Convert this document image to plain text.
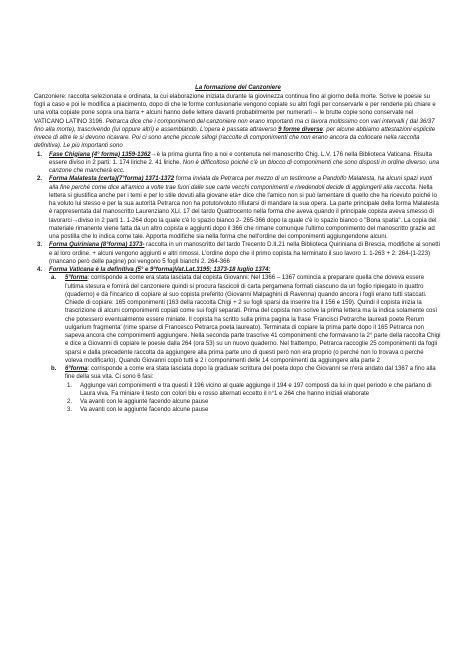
La formazione del Canzoniere
Canzoniere: raccolta selezionata e ordinata, la cui elaborazione iniziata durante la giovinezza continua fino al giorno della morte. Scrive le poesie su fogli a caso e poi le modifica a piacimento, dopo di che le forme confusionarie vengono copiate su altri fogli per conservarle e per renderle più chiare e una volta copiate pone sopra una barra + alcuni hanno delle lettere davanti probabilmente per numerarli→ le brutte copie sono conservate nel VATICANO LATINO 3196. Petrarca dice che i componimenti del canzoniere non erano importanti ma ci lavora moltissimo con vari intervalli ( dal 36/37 fino alla morte), trascrivendo (lui oppure altri) e assemblando. L'opera è passata attraverso 9 forme diverse: per alcune abbiamo attestazioni esplicite invece di altre le si devono ricavare. Poi ci sono anche piccole sillogi (raccolte di componimenti che non erano ancora da collocare nella raccolta definitiva). Le più importanti sono
1. Fase Chigiana (4° forma) 1359-1362→è la prima giunta fino a noi e contenuta nel manoscritto Chig. L.V. 176 nella Biblioteca Vaticana. Risulta essere diviso in 2 parti: 1. 174 liriche 2. 41 liriche. Non è difficoltoso poiché c'è un blocco di componimenti che sono disposti in ordine diverso, una canzone che mancherà ecc.
2. Forma Malatesta (certa)(7°forma) 1371-1372 forma inviata da Petrarca per mezzo di un testimone a Pandolfo Malatesta, ha alcuni spazi vuoti alla fine perché come dice all'amico a volte trae fuori dalle sue carte vecchi componimenti e rivedendoli decide di aggiungerli alla raccolta. Nella lettera si giustifica anche per i temi e per lo stile dovuti alla giovane età+ dice che l'amico non si può lamentare di quello che ha ricevuto poiché lo ha voluto lui stesso e per la sua autorità Petrarca non ha potuto/voluto rifiutarsi di mandare la sua opera. La parte principale della forma Malatesta è rappresentata dal manoscritto Laurenziano XLI. 17 del tardo Quattrocento nella forma che aveva quando il principale copista aveva smesso di lavorarci→diviso in 2 parti 1. 1-264 dopo la quale c'è lo spazio bianco 2- 265-366 dopo la quale c'è lo spazio bianco o "Bona spatia". La copia del materiale rimanente viene fatta da un altro copista e aggiunti dopo il 366 che rimane comunque l'ultimo componimento del manoscritto grazie ad una postilla che lo indica come tale. Apporta modifiche sia nella forma che nell'ordine dei componimenti aggiungendone alcuni.
3. Forma Quiriniana (8°forma) 1373- raccolta in un manoscritto del tardo Trecento D.II.21 nella Biblioteca Quiriniana di Brescia, modifiche ai sonetti e al loro ordine. + alcuni vengono aggiunti e altri rimossi. L'ordine dopo che il primo copista ha terminato il suo lavoro 1. 1-263 + 2. 264-(1-223) (mancano però delle pagine) poi vengono 5 fogli bianchi 2. 264-366
4. Forma Vaticana è la definitiva (5° e 9°forma)Vat.Lat.3195; 1373-18 luglio 1374:
a. 5°forma: corrisponde a come era stata lasciata dal copista Giovanni: Nel 1366 – 1367 comincia a preparare quella che doveva essere l'ultima stesura e fornirà del canzoniere quindi si procura fascicoli di carta pergamena formati ciascuno da un foglio ripiegato in quattro (quaderno) e dà l'incarico di copiare al suo copista preferito (Giovanni Malpaghini di Ravenna) quando ancora i fogli erano tutti staccati. Chiede di copiare: 165 componimenti (163 della raccolta Chigi + 2 su fogli sparsi da inserire tra il 156 e 159). Quindi il copista inizia la trascrizione di alcuni componimenti copiati come sui fogli separati. Prima del copista non scrive la prima lettera ma la indica solamente così che potessero eventualmente essere miniate. Il copista ha scritto sulla prima pagina la frase 'Francisci Petrarche laureati poete Rerum uulgarium fragmenta' (rime sparse di Francesco Petrarca poeta laureato). Terminata di copiare la prima parte dopo il 165 Petrarca non sapeva ancora che componimenti aggiungere. Nella seconda parte trascrive 41 componimenti che formavano la 2° parte della raccolta Chigi e dice a Giovanni di copiare le poesie dalla 264 (ora 53) su un nuovo quaderno. Nel frattempo, Petrarca raccoglie 25 componimenti da fogli sparsi e dalla precedente raccolta da aggiungere alla prima parte uno di questi però non era proprio (o perché non lo trovava o perché voleva modificarlo). Quando Giovanni copiò tutti e 2 i componimenti delle 14 componimenti da aggiungere alla parte 2
b. 6°forma: corrisponde a come era stata lasciata dopo la graduale scrittura del poeta dopo che Giovanni se n'era andato dal 1367 a fino alla fine della sua vita. Ci sono 6 fasi:
1. Aggiunge vari componimenti e tra questi il 196 vicino al quale aggiunge il 194 e 197 composti da lui in quel periodo e che parlano di Laura viva. Fa miniare il testo con colori blu e rosso alternati eccetto il n°1 e 264 che hanno iniziali elaborate
2. Va avanti con le aggiunte facendo alcune pause
3. Va avanti con le aggiunte facendo alcune pause
